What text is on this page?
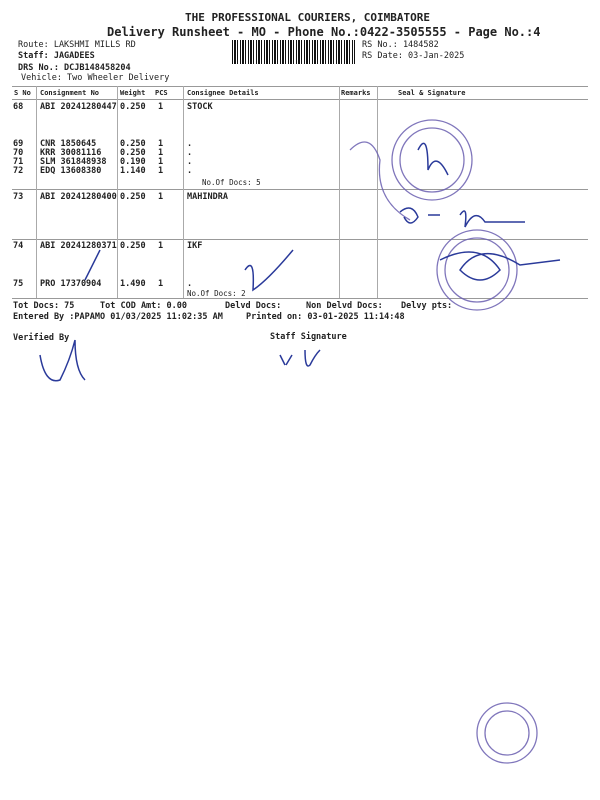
THE PROFESSIONAL COURIERS, COIMBATORE
Delivery Runsheet - MO - Phone No.:0422-3505555 - Page No.:4
Route: LAKSHMI MILLS RD
Staff: JAGADEES
DRS No.: DCJB148458204
Vehicle: Two Wheeler Delivery
RS No.: 1484582
RS Date: 03-Jan-2025
S No Consignment No	Weight PCS	Consignee Details	Remarks	Seal & Signature
68 ABI 20241280447 0.250 1	STOCK
69 CNR 1850645	0.250 1	.
70 KRR 30081116 0.250 1	.
71 SLM 361848938 0.190 1	.
72 EDQ 13608380 1.140 1	.
73 ABI 20241280400 0.250 1	MAHINDRA
74 ABI 20241280371 0.250 1	IKF
75 PRO 17370904 1.490 1	.
No.Of Docs: 5
No.Of Docs: 2
Tot Docs: 75	Tot COD Amt: 0.00	Delvd Docs:	Non Delvd Docs: Delvy pts:
Entered By :PAPAMO 01/03/2025 11:02:35 AM	Printed on: 03-01-2025 11:14:48
Verified By	Staff Signature
